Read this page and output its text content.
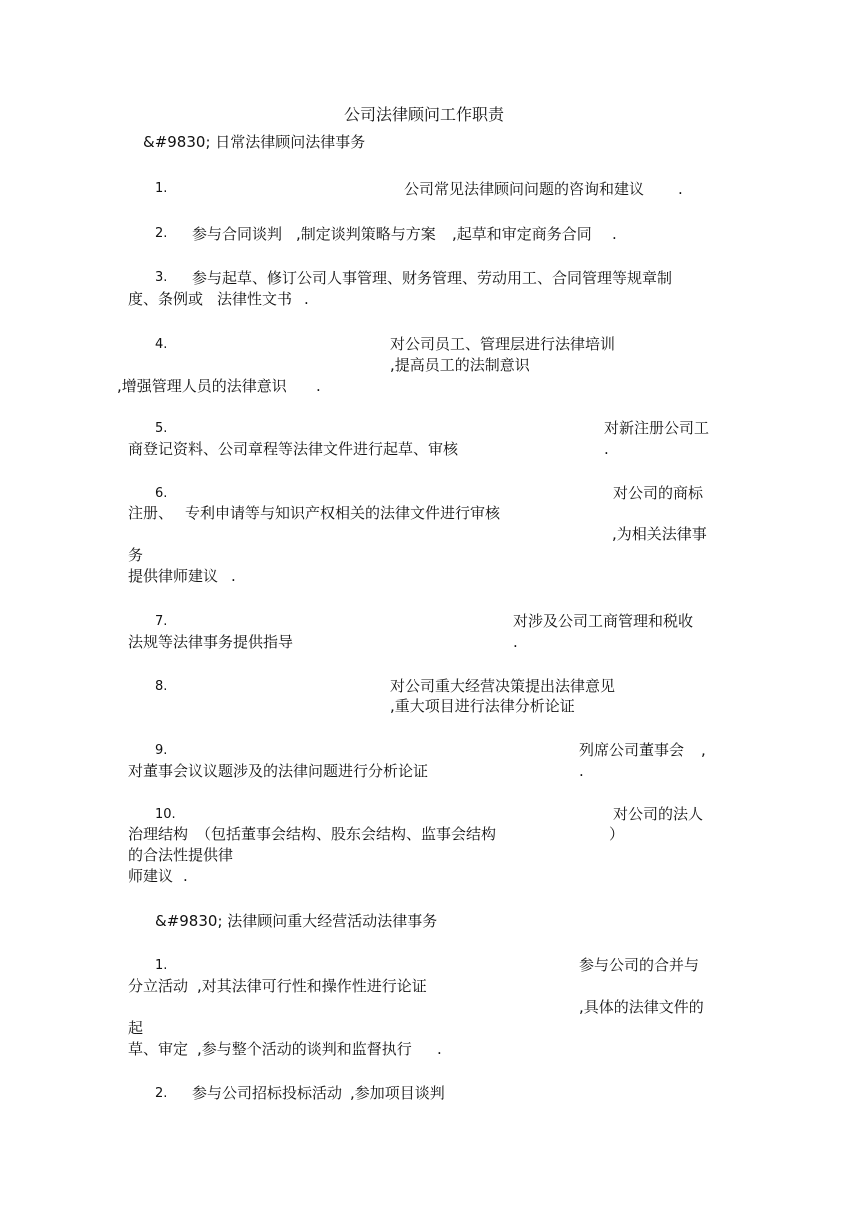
公司法律顾问工作职责
&#9830; 日常法律顾问法律事务
1.	公司常见法律顾问问题的咨询和建议 .
2. 参与合同谈判 ,制定谈判策略与方案 ,起草和审定商务合同 .
3. 参与起草、修订公司人事管理、财务管理、劳动用工、合同管理等规章制
度、条例或 法律性文书 .
4.	对公司员工、管理层进行法律培训
,提高员工的法制意识
,增强管理人员的法律意识 .
5.	对新注册公司工
商登记资料、公司章程等法律文件进行起草、审核	.
6.	对公司的商标
注册、 专利申请等与知识产权相关的法律文件进行审核
,为相关法律事
务
提供律师建议 .
7.	对涉及公司工商管理和税收
法规等法律事务提供指导	.
8.	对公司重大经营决策提出法律意见
,重大项目进行法律分析论证
9.	列席公司董事会 ,
对董事会议议题涉及的法律问题进行分析论证	.
10.	对公司的法人
治理结构 （包括董事会结构、股东会结构、监事会结构	）
的合法性提供律
师建议 .
&#9830; 法律顾问重大经营活动法律事务
1.	参与公司的合并与
分立活动 ,对其法律可行性和操作性进行论证
,具体的法律文件的
起
草、审定 ,参与整个活动的谈判和监督执行 .
2. 参与公司招标投标活动 ,参加项目谈判
